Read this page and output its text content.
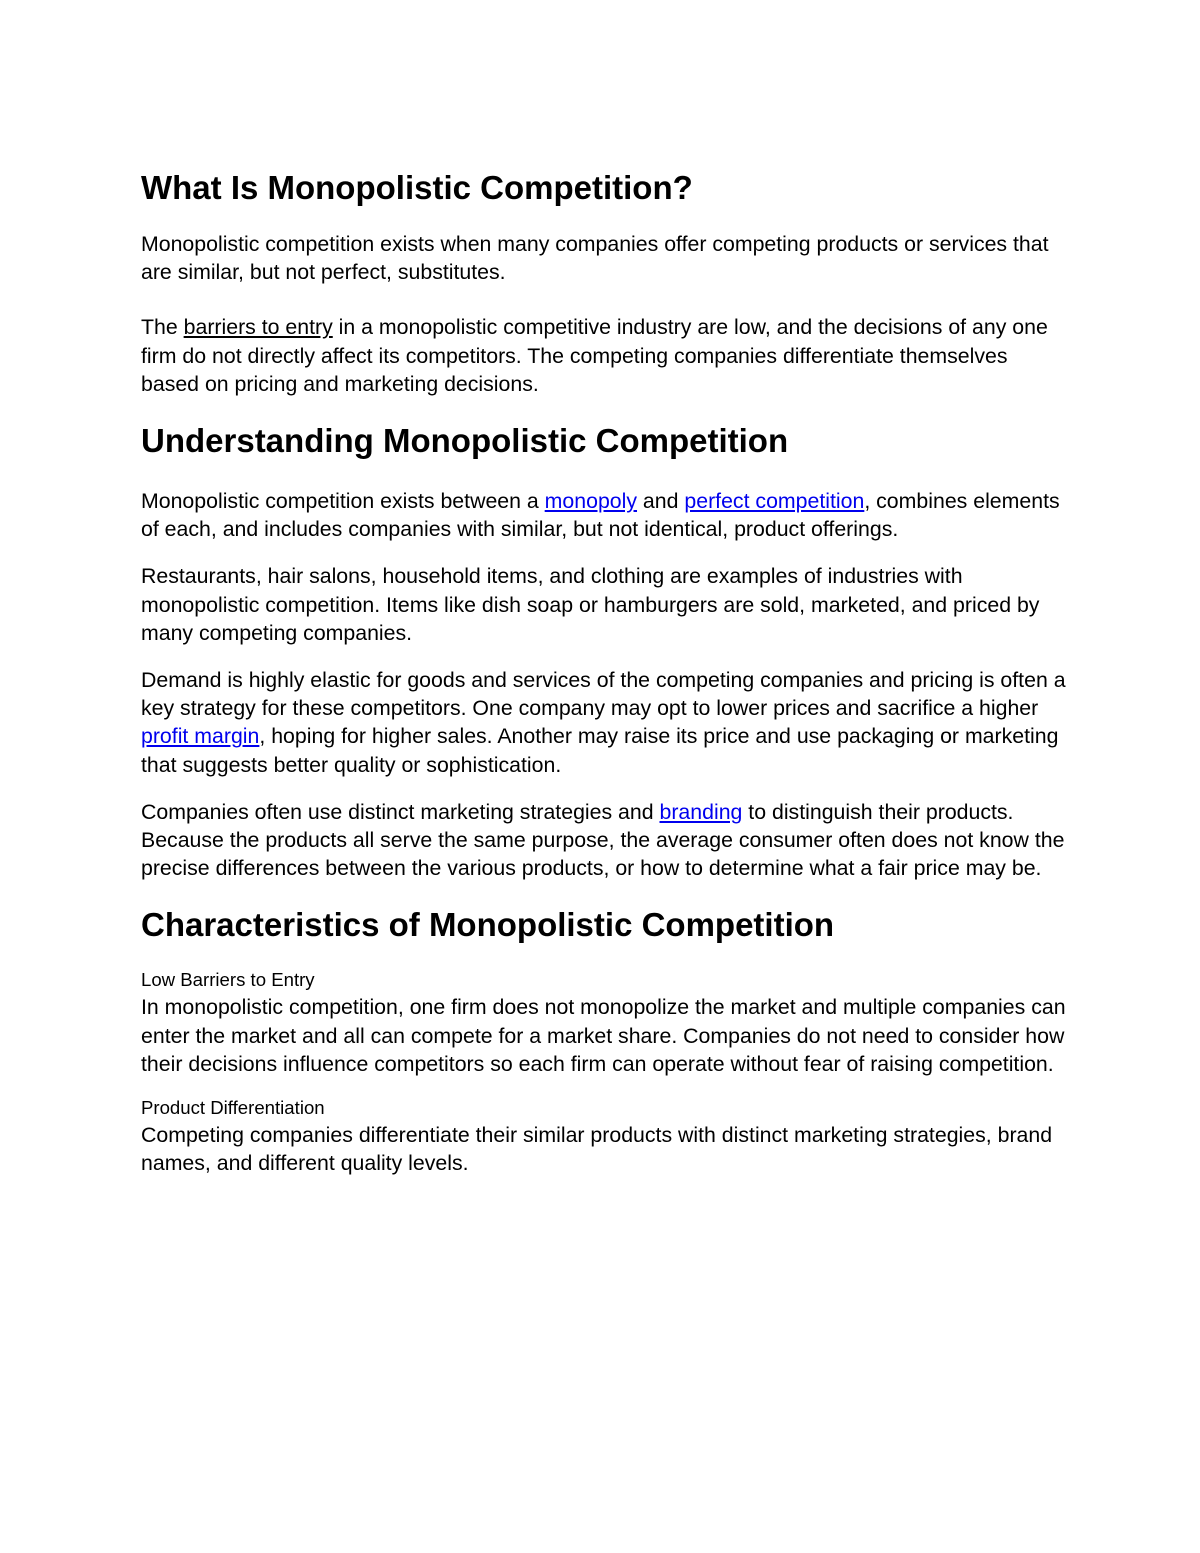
What Is Monopolistic Competition?

Monopolistic competition exists when many companies offer competing products or services that are similar, but not perfect, substitutes.

The barriers to entry in a monopolistic competitive industry are low, and the decisions of any one firm do not directly affect its competitors. The competing companies differentiate themselves based on pricing and marketing decisions.

Understanding Monopolistic Competition

Monopolistic competition exists between a monopoly and perfect competition, combines elements of each, and includes companies with similar, but not identical, product offerings.

Restaurants, hair salons, household items, and clothing are examples of industries with monopolistic competition. Items like dish soap or hamburgers are sold, marketed, and priced by many competing companies.

Demand is highly elastic for goods and services of the competing companies and pricing is often a key strategy for these competitors. One company may opt to lower prices and sacrifice a higher profit margin, hoping for higher sales. Another may raise its price and use packaging or marketing that suggests better quality or sophistication.

Companies often use distinct marketing strategies and branding to distinguish their products. Because the products all serve the same purpose, the average consumer often does not know the precise differences between the various products, or how to determine what a fair price may be.

Characteristics of Monopolistic Competition
Low Barriers to Entry

In monopolistic competition, one firm does not monopolize the market and multiple companies can enter the market and all can compete for a market share. Companies do not need to consider how their decisions influence competitors so each firm can operate without fear of raising competition.

Product Differentiation

Competing companies differentiate their similar products with distinct marketing strategies, brand names, and different quality levels.
